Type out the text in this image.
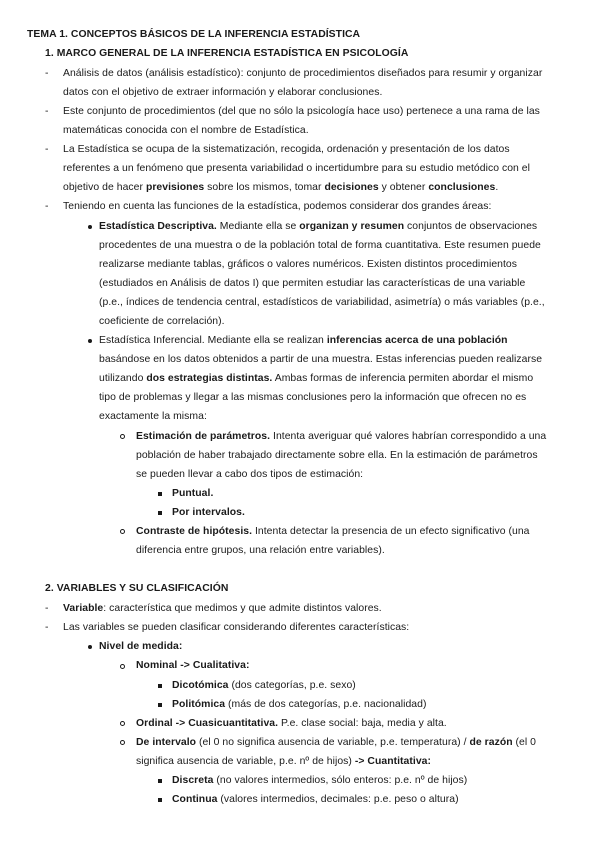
TEMA 1. CONCEPTOS BÁSICOS DE LA INFERENCIA ESTADÍSTICA
1. MARCO GENERAL DE LA INFERENCIA ESTADÍSTICA EN PSICOLOGÍA
- Análisis de datos (análisis estadístico): conjunto de procedimientos diseñados para resumir y organizar
datos con el objetivo de extraer información y elaborar conclusiones.
- Este conjunto de procedimientos (del que no sólo la psicología hace uso) pertenece a una rama de las
matemáticas conocida con el nombre de Estadística.
- La Estadística se ocupa de la sistematización, recogida, ordenación y presentación de los datos
referentes a un fenómeno que presenta variabilidad o incertidumbre para su estudio metódico con el
objetivo de hacer previsiones sobre los mismos, tomar decisiones y obtener conclusiones.
- Teniendo en cuenta las funciones de la estadística, podemos considerar dos grandes áreas:
Estadística Descriptiva. Mediante ella se organizan y resumen conjuntos de observaciones
procedentes de una muestra o de la población total de forma cuantitativa. Este resumen puede
realizarse mediante tablas, gráficos o valores numéricos. Existen distintos procedimientos
(estudiados en Análisis de datos I) que permiten estudiar las características de una variable
(p.e., índices de tendencia central, estadísticos de variabilidad, asimetría) o más variables (p.e.,
coeficiente de correlación).
Estadística Inferencial. Mediante ella se realizan inferencias acerca de una población
basándose en los datos obtenidos a partir de una muestra. Estas inferencias pueden realizarse
utilizando dos estrategias distintas. Ambas formas de inferencia permiten abordar el mismo
tipo de problemas y llegar a las mismas conclusiones pero la información que ofrecen no es
exactamente la misma:
Estimación de parámetros. Intenta averiguar qué valores habrían correspondido a una
población de haber trabajado directamente sobre ella. En la estimación de parámetros
se pueden llevar a cabo dos tipos de estimación:
Puntual.
Por intervalos.
Contraste de hipótesis. Intenta detectar la presencia de un efecto significativo (una
diferencia entre grupos, una relación entre variables).
2. VARIABLES Y SU CLASIFICACIÓN
- Variable: característica que medimos y que admite distintos valores.
- Las variables se pueden clasificar considerando diferentes características:
Nivel de medida:
Nominal -> Cualitativa:
Dicotómica (dos categorías, p.e. sexo)
Politómica (más de dos categorías, p.e. nacionalidad)
Ordinal -> Cuasicuantitativa. P.e. clase social: baja, media y alta.
De intervalo (el 0 no significa ausencia de variable, p.e. temperatura) / de razón (el 0
significa ausencia de variable, p.e. nº de hijos) -> Cuantitativa:
Discreta (no valores intermedios, sólo enteros: p.e. nº de hijos)
Continua (valores intermedios, decimales: p.e. peso o altura)
